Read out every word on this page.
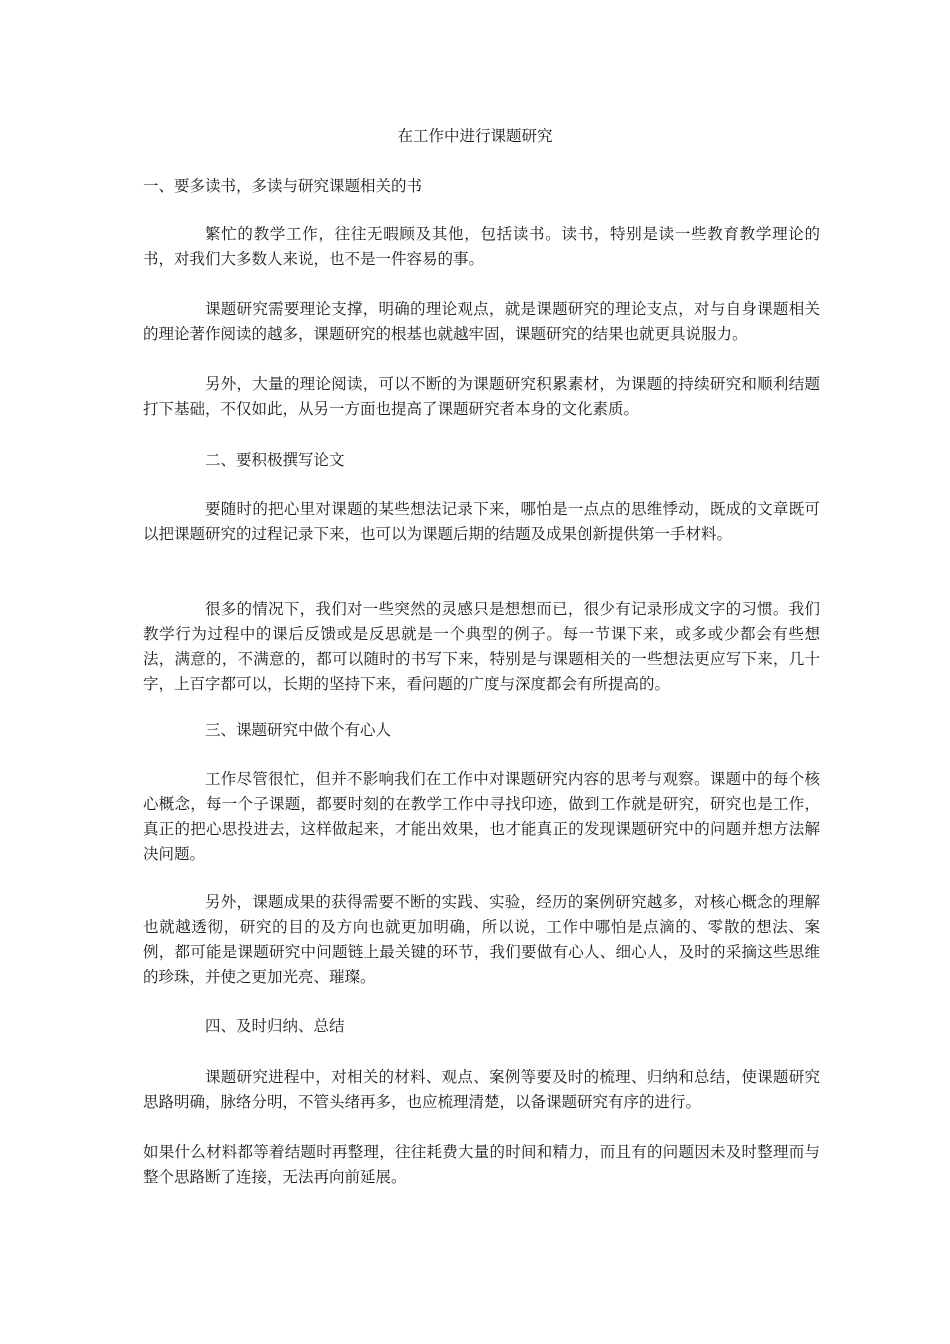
在工作中进行课题研究
一、要多读书，多读与研究课题相关的书
繁忙的教学工作，往往无暇顾及其他，包括读书。读书，特别是读一些教育教学理论的书，对我们大多数人来说，也不是一件容易的事。
课题研究需要理论支撑，明确的理论观点，就是课题研究的理论支点，对与自身课题相关的理论著作阅读的越多，课题研究的根基也就越牢固，课题研究的结果也就更具说服力。
另外，大量的理论阅读，可以不断的为课题研究积累素材，为课题的持续研究和顺利结题打下基础，不仅如此，从另一方面也提高了课题研究者本身的文化素质。
二、要积极撰写论文
要随时的把心里对课题的某些想法记录下来，哪怕是一点点的思维悸动，既成的文章既可以把课题研究的过程记录下来，也可以为课题后期的结题及成果创新提供第一手材料。
很多的情况下，我们对一些突然的灵感只是想想而已，很少有记录形成文字的习惯。我们教学行为过程中的课后反馈或是反思就是一个典型的例子。每一节课下来，或多或少都会有些想法，满意的，不满意的，都可以随时的书写下来，特别是与课题相关的一些想法更应写下来，几十字，上百字都可以，长期的坚持下来，看问题的广度与深度都会有所提高的。
三、课题研究中做个有心人
工作尽管很忙，但并不影响我们在工作中对课题研究内容的思考与观察。课题中的每个核心概念，每一个子课题，都要时刻的在教学工作中寻找印迹，做到工作就是研究，研究也是工作，真正的把心思投进去，这样做起来，才能出效果，也才能真正的发现课题研究中的问题并想方法解决问题。
另外，课题成果的获得需要不断的实践、实验，经历的案例研究越多，对核心概念的理解也就越透彻，研究的目的及方向也就更加明确，所以说，工作中哪怕是点滴的、零散的想法、案例，都可能是课题研究中问题链上最关键的环节，我们要做有心人、细心人，及时的采摘这些思维的珍珠，并使之更加光亮、璀璨。
四、及时归纳、总结
课题研究进程中，对相关的材料、观点、案例等要及时的梳理、归纳和总结，使课题研究思路明确，脉络分明，不管头绪再多，也应梳理清楚，以备课题研究有序的进行。
如果什么材料都等着结题时再整理，往往耗费大量的时间和精力，而且有的问题因未及时整理而与整个思路断了连接，无法再向前延展。
